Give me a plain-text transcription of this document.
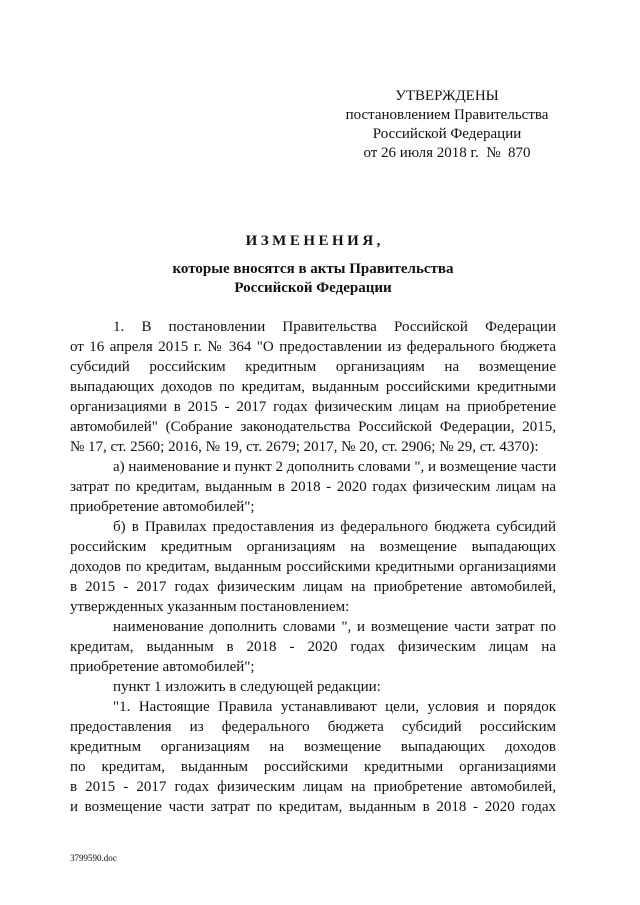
УТВЕРЖДЕНЫ
постановлением Правительства
Российской Федерации
от 26 июля 2018 г.  №  870
ИЗМЕНЕНИЯ,
которые вносятся в акты Правительства
Российской Федерации
1. В постановлении Правительства Российской Федерации
от 16 апреля 2015 г. № 364 "О предоставлении из федерального бюджета
субсидий российским кредитным организациям на возмещение
выпадающих доходов по кредитам, выданным российскими кредитными
организациями в 2015 - 2017 годах физическим лицам на приобретение
автомобилей" (Собрание законодательства Российской Федерации, 2015,
№ 17, ст. 2560; 2016, № 19, ст. 2679; 2017, № 20, ст. 2906; № 29, ст. 4370):
а) наименование и пункт 2 дополнить словами ", и возмещение части
затрат по кредитам, выданным в 2018 - 2020 годах физическим лицам на
приобретение автомобилей";
б) в Правилах предоставления из федерального бюджета субсидий
российским кредитным организациям на возмещение выпадающих
доходов по кредитам, выданным российскими кредитными организациями
в 2015 - 2017 годах физическим лицам на приобретение автомобилей,
утвержденных указанным постановлением:
наименование дополнить словами ", и возмещение части затрат по
кредитам, выданным в 2018 - 2020 годах физическим лицам на
приобретение автомобилей";
пункт 1 изложить в следующей редакции:
"1. Настоящие Правила устанавливают цели, условия и порядок
предоставления из федерального бюджета субсидий российским
кредитным организациям на возмещение выпадающих доходов
по кредитам, выданным российскими кредитными организациями
в 2015 - 2017 годах физическим лицам на приобретение автомобилей,
и возмещение части затрат по кредитам, выданным в 2018 - 2020 годах
3799590.doc
